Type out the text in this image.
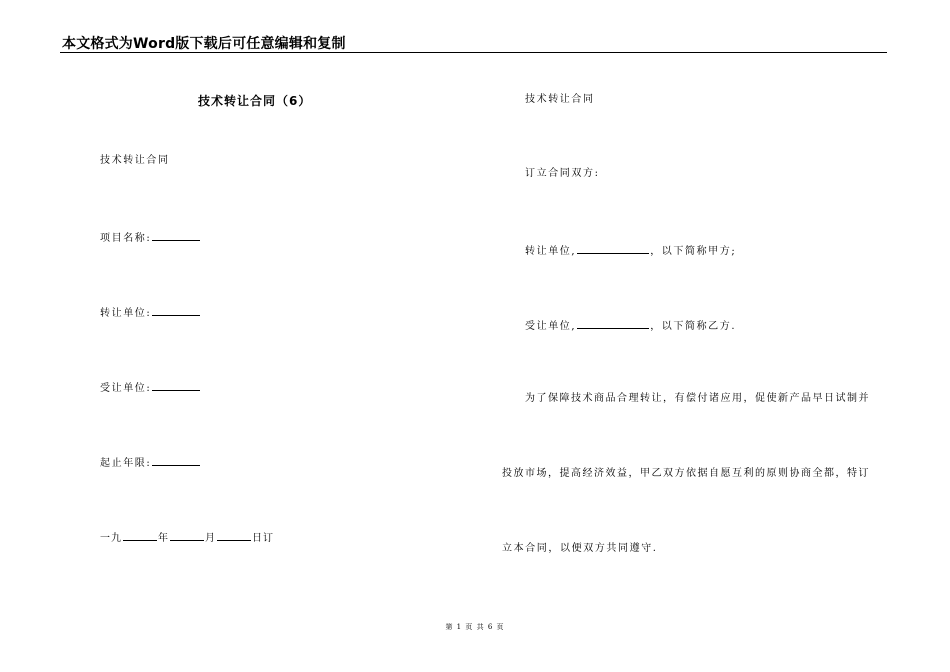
本文格式为Word版下载后可任意编辑和复制
技术转让合同（6）
技术转让合同
项目名称:
转让单位:
受让单位:
起止年限:
一九	年	月	日订
技术转让合同
订立合同双方:
转让单位,	，以下简称甲方;
受让单位,	，以下简称乙方.
为了保障技术商品合理转让，有偿付诸应用，促使新产品早日试制并
投放市场，提高经济效益，甲乙双方依据自愿互利的原则协商全都，特订
立本合同，以便双方共同遵守.
第 1 页 共 6 页
